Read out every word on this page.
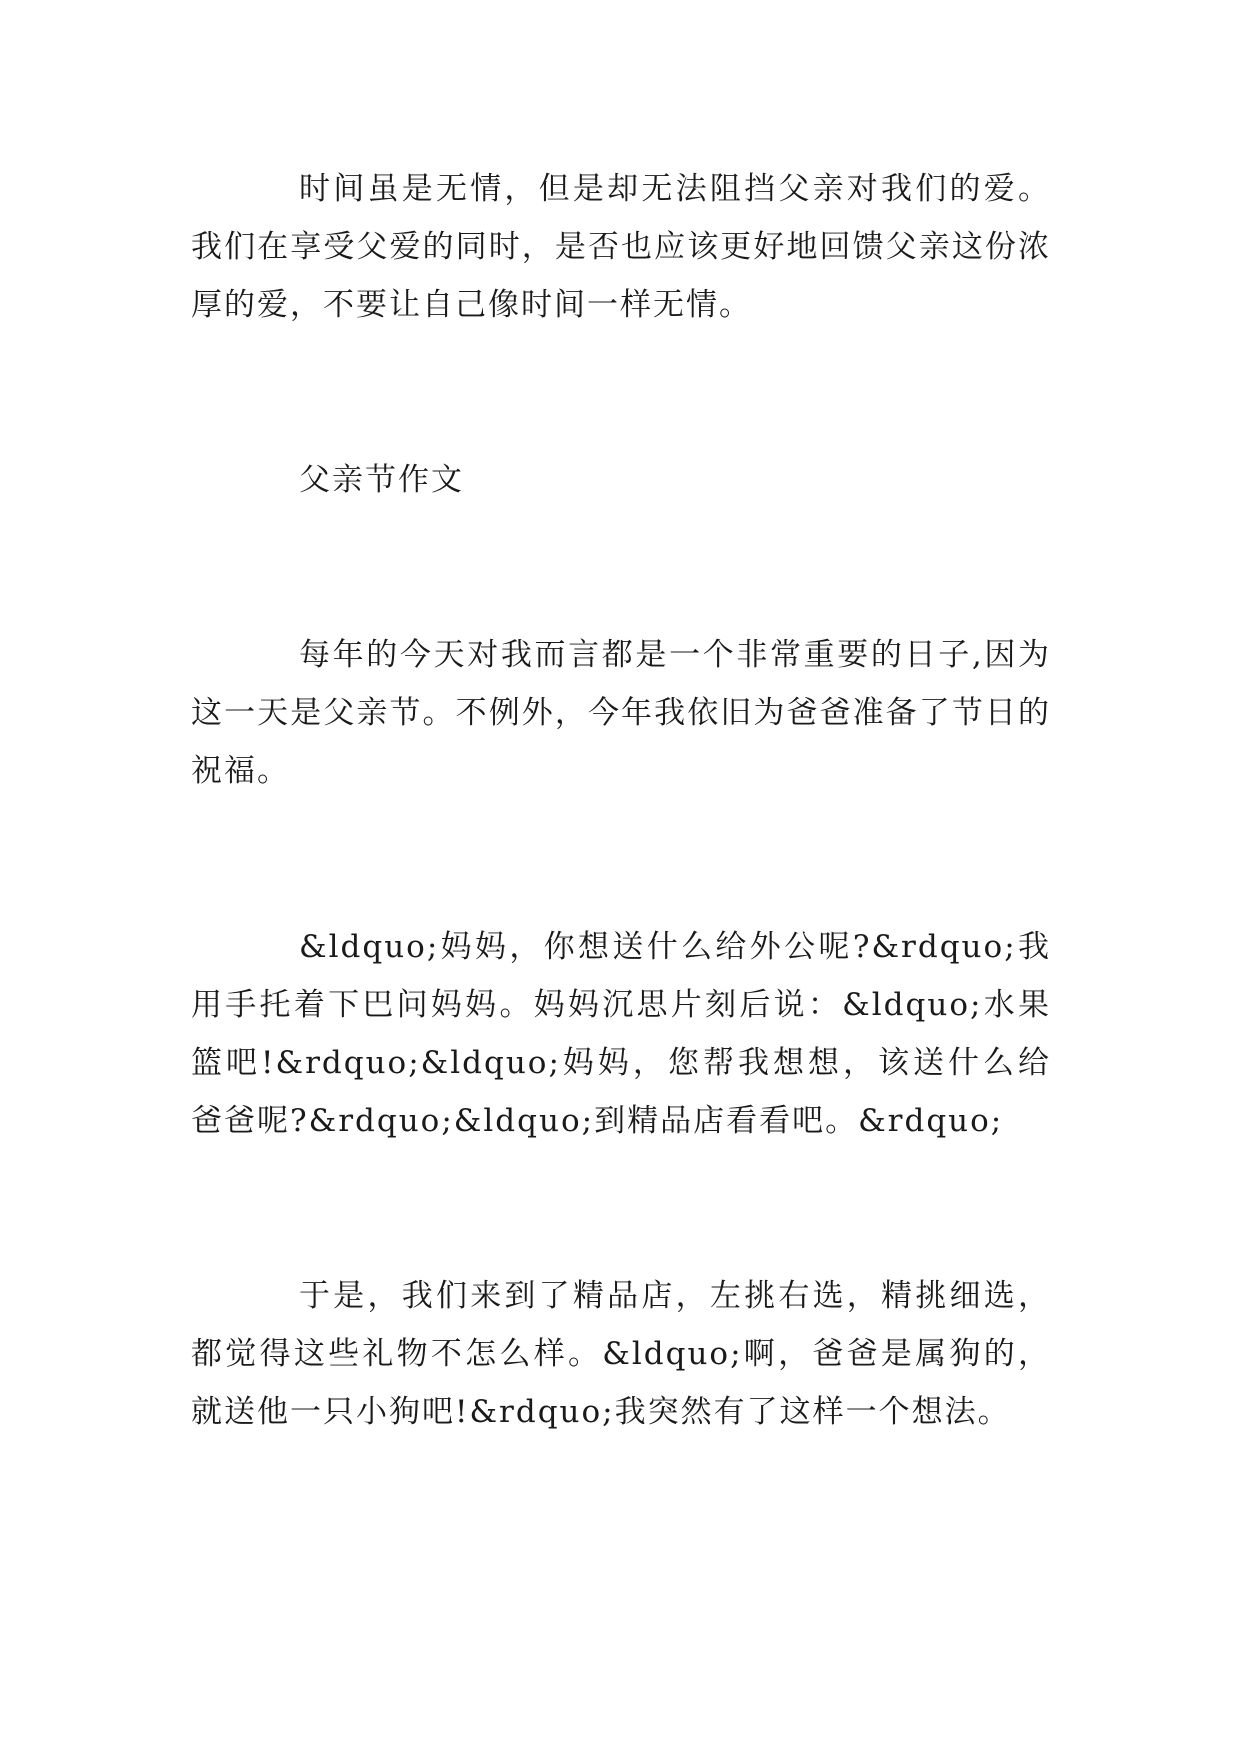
时间虽是无情，但是却无法阻挡父亲对我们的爱。我们在享受父爱的同时，是否也应该更好地回馈父亲这份浓厚的爱，不要让自己像时间一样无情。

父亲节作文

每年的今天对我而言都是一个非常重要的日子,因为这一天是父亲节。不例外，今年我依旧为爸爸准备了节日的祝福。

&ldquo;妈妈，你想送什么给外公呢?&rdquo;我用手托着下巴问妈妈。妈妈沉思片刻后说：&ldquo;水果篮吧!&rdquo;&ldquo;妈妈，您帮我想想，该送什么给爸爸呢?&rdquo;&ldquo;到精品店看看吧。&rdquo;

于是，我们来到了精品店，左挑右选，精挑细选，都觉得这些礼物不怎么样。&ldquo;啊，爸爸是属狗的，就送他一只小狗吧!&rdquo;我突然有了这样一个想法。
